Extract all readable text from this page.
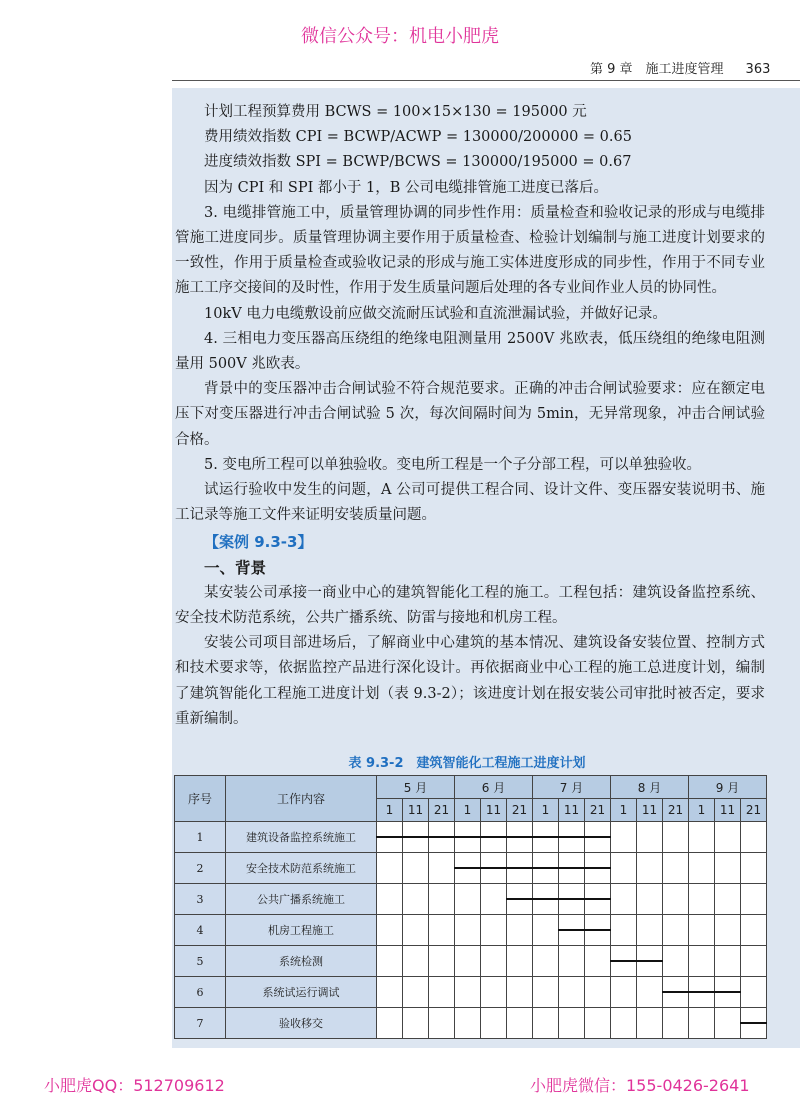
微信公众号：机电小肥虎
第 9 章　施工进度管理 363

计划工程预算费用 BCWS = 100×15×130 = 195000 元

费用绩效指数 CPI = BCWP/ACWP = 130000/200000 = 0.65

进度绩效指数 SPI = BCWP/BCWS = 130000/195000 = 0.67

因为 CPI 和 SPI 都小于 1，B 公司电缆排管施工进度已落后。

3. 电缆排管施工中，质量管理协调的同步性作用：质量检查和验收记录的形成与电缆排管施工进度同步。质量管理协调主要作用于质量检查、检验计划编制与施工进度计划要求的一致性，作用于质量检查或验收记录的形成与施工实体进度形成的同步性，作用于不同专业施工工序交接间的及时性，作用于发生质量问题后处理的各专业间作业人员的协同性。

10kV 电力电缆敷设前应做交流耐压试验和直流泄漏试验，并做好记录。

4. 三相电力变压器高压绕组的绝缘电阻测量用 2500V 兆欧表，低压绕组的绝缘电阻测量用 500V 兆欧表。

背景中的变压器冲击合闸试验不符合规范要求。正确的冲击合闸试验要求：应在额定电压下对变压器进行冲击合闸试验 5 次，每次间隔时间为 5min，无异常现象，冲击合闸试验合格。

5. 变电所工程可以单独验收。变电所工程是一个子分部工程，可以单独验收。

试运行验收中发生的问题，A 公司可提供工程合同、设计文件、变压器安装说明书、施工记录等施工文件来证明安装质量问题。

【案例 9.3-3】

一、背景

某安装公司承接一商业中心的建筑智能化工程的施工。工程包括：建筑设备监控系统、安全技术防范系统，公共广播系统、防雷与接地和机房工程。

安装公司项目部进场后，了解商业中心建筑的基本情况、建筑设备安装位置、控制方式和技术要求等，依据监控产品进行深化设计。再依据商业中心工程的施工总进度计划，编制了建筑智能化工程施工进度计划（表 9.3-2）；该进度计划在报安装公司审批时被否定，要求重新编制。

表 9.3-2　建筑智能化工程施工进度计划
序号	工作内容	5 月			6 月			7 月			8 月			9 月		
		1	11	21	1	11	21	1	11	21	1	11	21	1	11	21
1	建筑设备监控系统施工	

2	安全技术防范系统施工				

3	公共广播系统施工						

4	机房工程施工								

5	系统检测										

6	系统试运行调试												

7	验收移交															
小肥虎QQ：512709612	小肥虎微信：155-0426-2641
